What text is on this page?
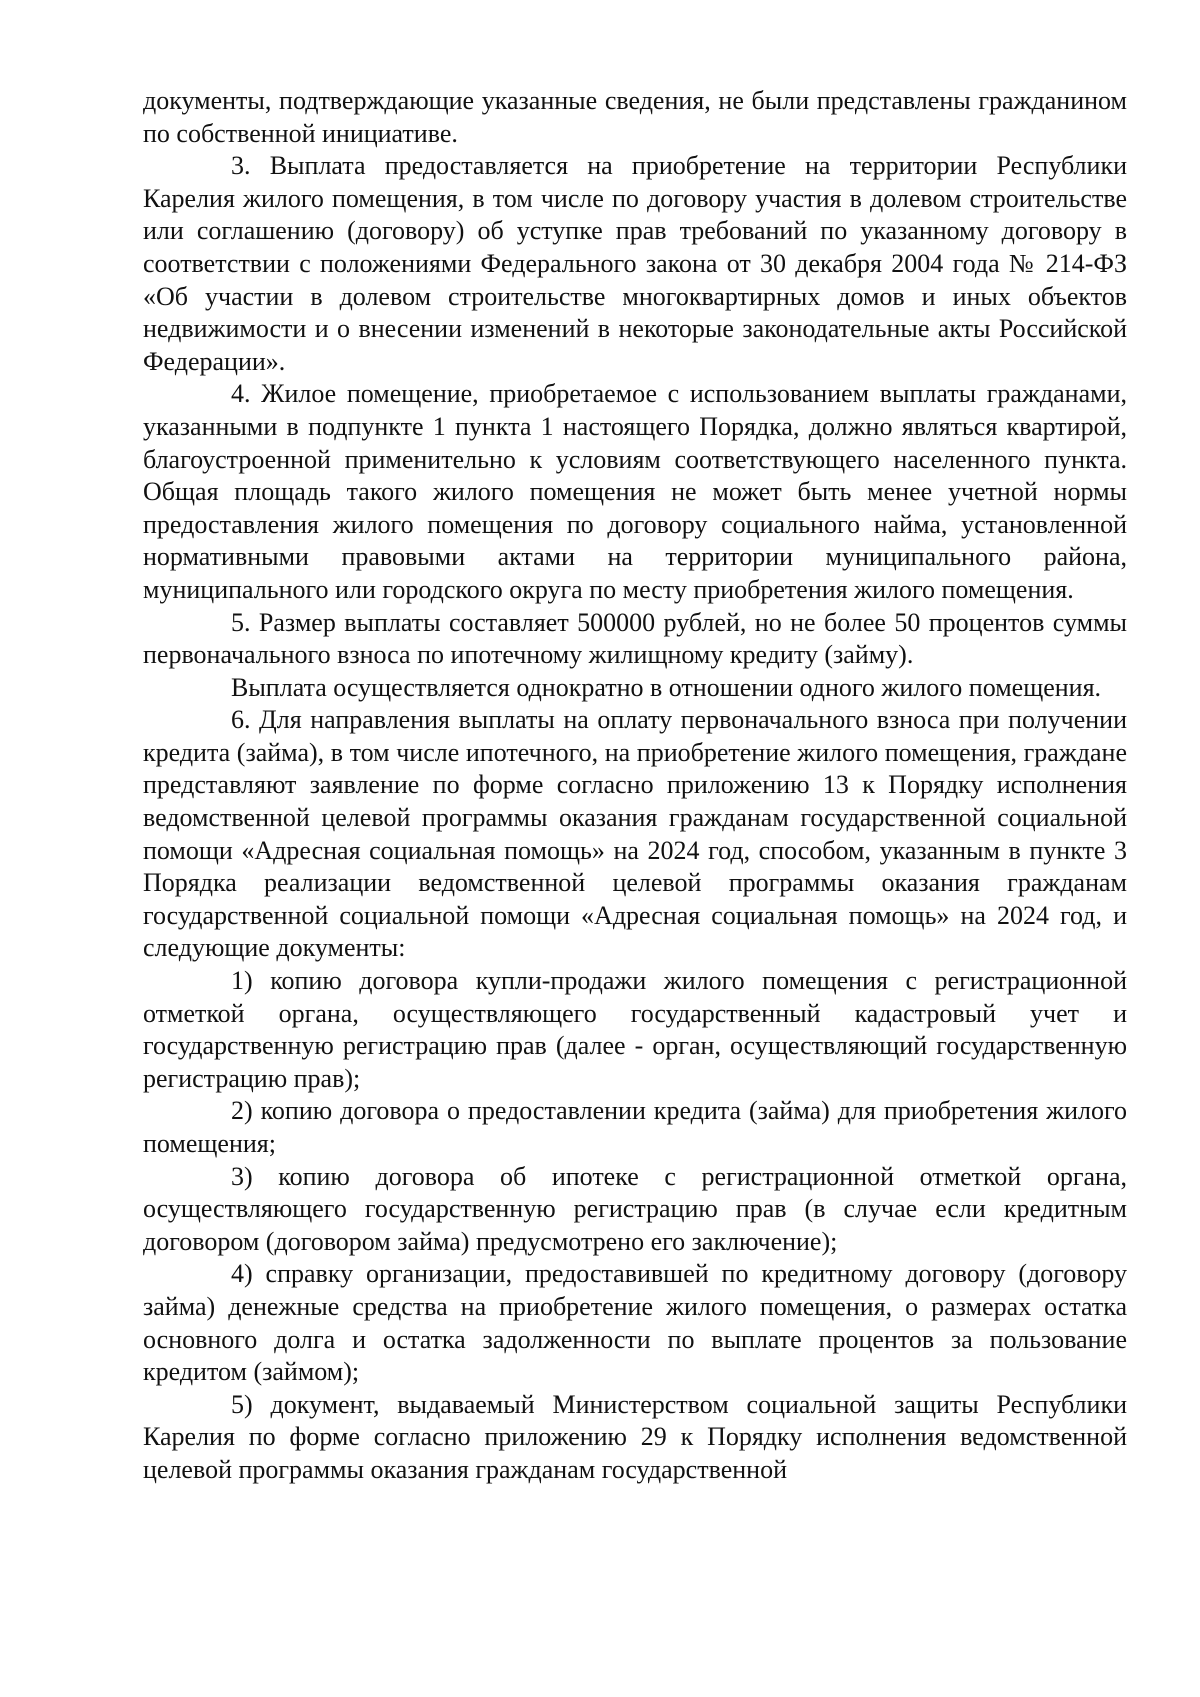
документы, подтверждающие указанные сведения, не были представлены гражданином по собственной инициативе.

3. Выплата предоставляется на приобретение на территории Республики Карелия жилого помещения, в том числе по договору участия в долевом строительстве или соглашению (договору) об уступке прав требований по указанному договору в соответствии с положениями Федерального закона от 30 декабря 2004 года № 214-ФЗ «Об участии в долевом строительстве многоквартирных домов и иных объектов недвижимости и о внесении изменений в некоторые законодательные акты Российской Федерации».

4. Жилое помещение, приобретаемое с использованием выплаты гражданами, указанными в подпункте 1 пункта 1 настоящего Порядка, должно являться квартирой, благоустроенной применительно к условиям соответствующего населенного пункта. Общая площадь такого жилого помещения не может быть менее учетной нормы предоставления жилого помещения по договору социального найма, установленной нормативными правовыми актами на территории муниципального района, муниципального или городского округа по месту приобретения жилого помещения.

5. Размер выплаты составляет 500000 рублей, но не более 50 процентов суммы первоначального взноса по ипотечному жилищному кредиту (займу).

Выплата осуществляется однократно в отношении одного жилого помещения.

6. Для направления выплаты на оплату первоначального взноса при получении кредита (займа), в том числе ипотечного, на приобретение жилого помещения, граждане представляют заявление по форме согласно приложению 13 к Порядку исполнения ведомственной целевой программы оказания гражданам государственной социальной помощи «Адресная социальная помощь» на 2024 год, способом, указанным в пункте 3 Порядка реализации ведомственной целевой программы оказания гражданам государственной социальной помощи «Адресная социальная помощь» на 2024 год, и следующие документы:

1) копию договора купли-продажи жилого помещения с регистрационной отметкой органа, осуществляющего государственный кадастровый учет и государственную регистрацию прав (далее - орган, осуществляющий государственную регистрацию прав);

2) копию договора о предоставлении кредита (займа) для приобретения жилого помещения;

3) копию договора об ипотеке с регистрационной отметкой органа, осуществляющего государственную регистрацию прав (в случае если кредитным договором (договором займа) предусмотрено его заключение);

4) справку организации, предоставившей по кредитному договору (договору займа) денежные средства на приобретение жилого помещения, о размерах остатка основного долга и остатка задолженности по выплате процентов за пользование кредитом (займом);

5) документ, выдаваемый Министерством социальной защиты Республики Карелия по форме согласно приложению 29 к Порядку исполнения ведомственной целевой программы оказания гражданам государственной
